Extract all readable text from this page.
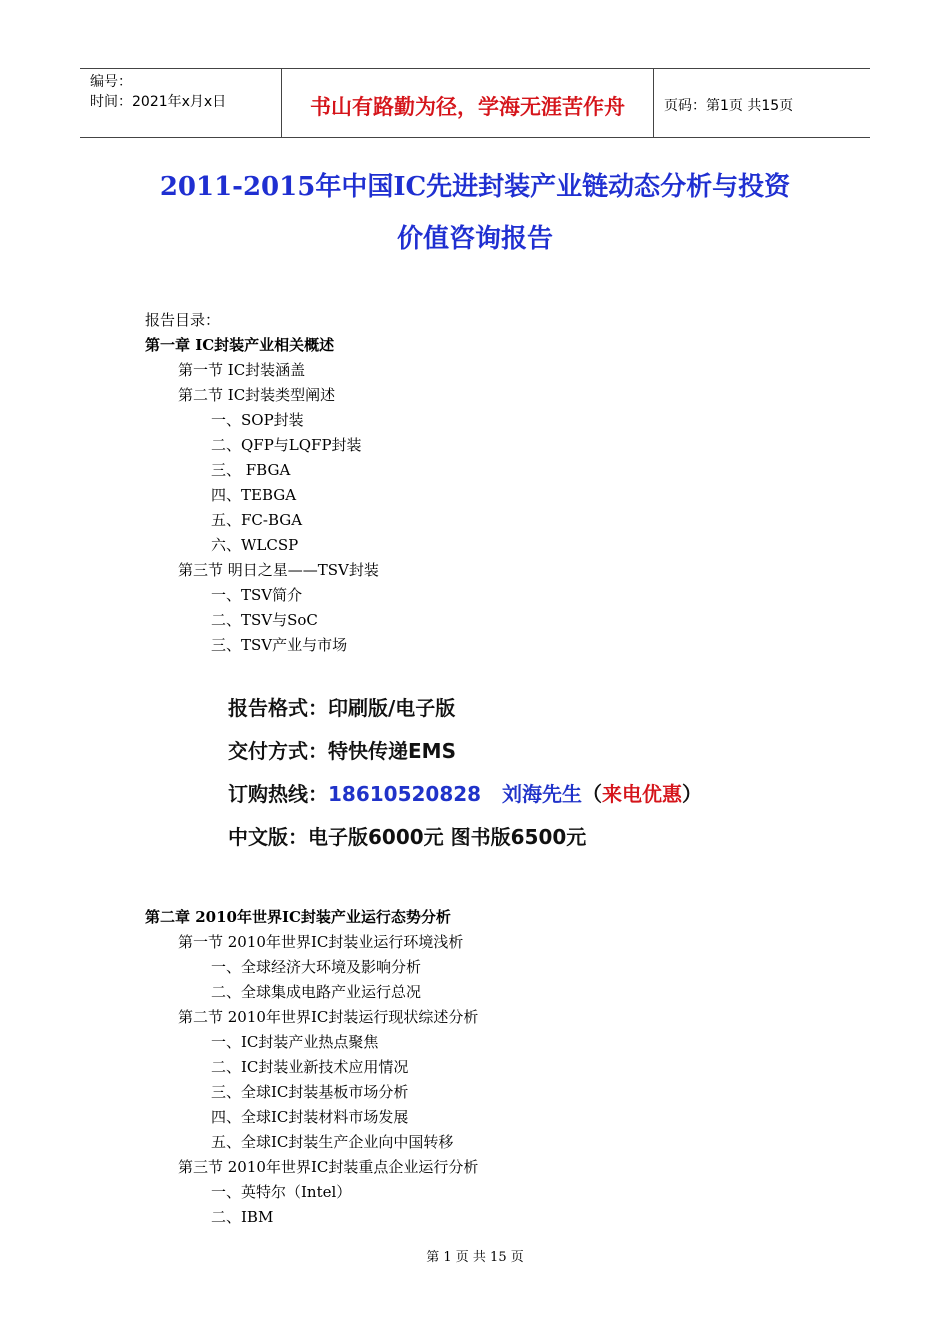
编号：
时间：2021年x月x日	书山有路勤为径，学海无涯苦作舟	页码：第1页 共15页
2011-2015年中国IC先进封装产业链动态分析与投资
价值咨询报告
报告目录：
第一章 IC封装产业相关概述
第一节 IC封装涵盖
第二节 IC封装类型阐述
一、SOP封装
二、QFP与LQFP封装
三、 FBGA
四、TEBGA
五、FC-BGA
六、WLCSP
第三节 明日之星——TSV封装
一、TSV简介
二、TSV与SoC
三、TSV产业与市场
报告格式：印刷版/电子版
交付方式：特快传递EMS
订购热线：18610520828 刘海先生（来电优惠）
中文版：电子版6000元 图书版6500元
第二章 2010年世界IC封装产业运行态势分析
第一节 2010年世界IC封装业运行环境浅析
一、全球经济大环境及影响分析
二、全球集成电路产业运行总况
第二节 2010年世界IC封装运行现状综述分析
一、IC封装产业热点聚焦
二、IC封装业新技术应用情况
三、全球IC封装基板市场分析
四、全球IC封装材料市场发展
五、全球IC封装生产企业向中国转移
第三节 2010年世界IC封装重点企业运行分析
一、英特尔（Intel）
二、IBM
第 1 页 共 15 页
